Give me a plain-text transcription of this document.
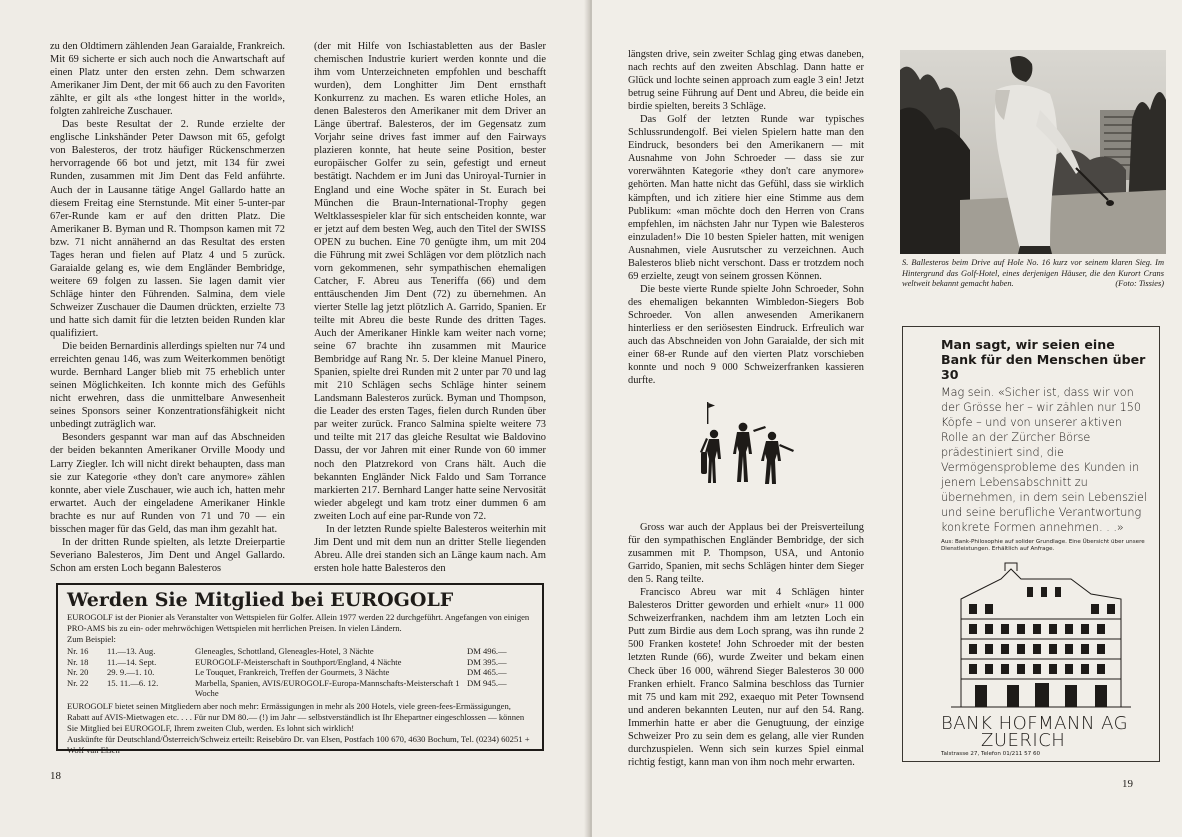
zu den Oldtimern zählenden Jean Garaialde, Frankreich. Mit 69 sicherte er sich auch noch die Anwartschaft auf einen Platz unter den ersten zehn. Dem schwarzen Amerikaner Jim Dent, der mit 66 auch zu den Favoriten zählte, er gilt als «the longest hitter in the world», folgten zahlreiche Zuschauer.

Das beste Resultat der 2. Runde erzielte der englische Linkshänder Peter Dawson mit 65, gefolgt von Balesteros, der trotz häufiger Rückenschmerzen hervorragende 66 bot und jetzt, mit 134 für zwei Runden, zusammen mit Jim Dent das Feld anführte. Auch der in Lausanne tätige Angel Gallardo hatte an diesem Freitag eine Sternstunde. Mit einer 5-unter-par 67er-Runde kam er auf den dritten Platz. Die Amerikaner B. Byman und R. Thompson kamen mit 72 bzw. 71 nicht annähernd an das Resultat des ersten Tages heran und fielen auf Platz 4 und 5 zurück. Garaialde gelang es, wie dem Engländer Bembridge, weitere 69 folgen zu lassen. Sie lagen damit vier Schläge hinter den Führenden. Salmina, dem viele Schweizer Zuschauer die Daumen drückten, erzielte 73 und hatte sich damit für die letzten beiden Runden klar qualifiziert.

Die beiden Bernardinis allerdings spielten nur 74 und erreichten genau 146, was zum Weiterkommen benötigt wurde. Bernhard Langer blieb mit 75 erheblich unter seinen Möglichkeiten. Ich konnte mich des Gefühls nicht erwehren, dass die unmittelbare Anwesenheit seines Sponsors seiner Konzentrationsfähigkeit nicht unbedingt zuträglich war.

Besonders gespannt war man auf das Abschneiden der beiden bekannten Amerikaner Orville Moody und Larry Ziegler. Ich will nicht direkt behaupten, dass man sie zur Kategorie «they don't care anymore» zählen konnte, aber viele Zuschauer, wie auch ich, hatten mehr erwartet. Auch der eingeladene Amerikaner Hinkle brachte es nur auf Runden von 71 und 70 — ein bisschen mager für das Geld, das man ihm gezahlt hat.

In der dritten Runde spielten, als letzte Dreierpartie Severiano Balesteros, Jim Dent und Angel Gallardo. Schon am ersten Loch begann Balesteros

(der mit Hilfe von Ischiastabletten aus der Basler chemischen Industrie kuriert werden konnte und die ihm vom Unterzeichneten empfohlen und beschafft wurden), dem Longhitter Jim Dent ernsthaft Konkurrenz zu machen. Es waren etliche Holes, an denen Balesteros den Amerikaner mit dem Driver an Länge übertraf. Balesteros, der im Gegensatz zum Vorjahr seine drives fast immer auf den Fairways plazieren konnte, hat heute seine Position, bester europäischer Golfer zu sein, gefestigt und erneut bestätigt. Nachdem er im Juni das Uniroyal-Turnier in England und eine Woche später in St. Eurach bei München die Braun-International-Trophy gegen Weltklassespieler klar für sich entscheiden konnte, war er jetzt auf dem besten Weg, auch den Titel der SWISS OPEN zu buchen. Eine 70 genügte ihm, um mit 204 die Führung mit zwei Schlägen vor dem plötzlich nach vorn gekommenen, sehr sympathischen ehemaligen Catcher, F. Abreu aus Teneriffa (66) und dem enttäuschenden Jim Dent (72) zu übernehmen. An vierter Stelle lag jetzt plötzlich A. Garrido, Spanien. Er teilte mit Abreu die beste Runde des dritten Tages. Auch der Amerikaner Hinkle kam weiter nach vorne; seine 67 brachte ihn zusammen mit Maurice Bembridge auf Rang Nr. 5. Der kleine Manuel Pinero, Spanien, spielte drei Runden mit 2 unter par 70 und lag mit 210 Schlägen sechs Schläge hinter seinem Landsmann Balesteros zurück. Byman und Thompson, die Leader des ersten Tages, fielen durch Runden über par weiter zurück. Franco Salmina spielte weitere 73 und teilte mit 217 das gleiche Resultat wie Baldovino Dassu, der vor Jahren mit einer Runde von 60 immer noch den Platzrekord von Crans hält. Auch die bekannten Engländer Nick Faldo und Sam Torrance markierten 217. Bernhard Langer hatte seine Nervosität wieder abgelegt und kam trotz einer dummen 6 am zweiten Loch auf eine par-Runde von 72.

In der letzten Runde spielte Balesteros weiterhin mit Jim Dent und mit dem nun an dritter Stelle liegenden Abreu. Alle drei standen sich an Länge kaum nach. Am ersten hole hatte Balesteros den

Werden Sie Mitglied bei EUROGOLF

EUROGOLF ist der Pionier als Veranstalter von Wettspielen für Golfer. Allein 1977 werden 22 durchgeführt. Angefangen von einigen PRO-AMS bis zu ein- oder mehrwöchigen Wettspielen mit herrlichen Preisen. In vielen Ländern.

Zum Beispiel:

Nr. 16	11.—13. Aug.	Gleneagles, Schottland, Gleneagles-Hotel, 3 Nächte	DM 496.—
Nr. 18	11.—14. Sept.	EUROGOLF-Meisterschaft in Southport/England, 4 Nächte	DM 395.—
Nr. 20	29. 9.—1. 10.	Le Touquet, Frankreich, Treffen der Gourmets, 3 Nächte	DM 465.—
Nr. 22	15. 11.—6. 12.	Marbella, Spanien, AVIS/EUROGOLF-Europa-Mannschafts-Meisterschaft 1 Woche	DM 945.—

EUROGOLF bietet seinen Mitgliedern aber noch mehr: Ermässigungen in mehr als 200 Hotels, viele green-fees-Ermässigungen, Rabatt auf AVIS-Mietwagen etc. . . . Für nur DM 80.— (!) im Jahr — selbstverständlich ist Ihr Ehepartner eingeschlossen — können Sie Mitglied bei EUROGOLF, Ihrem zweiten Club, werden. Es lohnt sich wirklich!

Auskünfte für Deutschland/Österreich/Schweiz erteilt: Reisebüro Dr. van Elsen, Postfach 100 670, 4630 Bochum, Tel. (0234) 60251 + Wolf van Elsen

18

längsten drive, sein zweiter Schlag ging etwas daneben, nach rechts auf den zweiten Abschlag. Dann hatte er Glück und lochte seinen approach zum eagle 3 ein! Jetzt betrug seine Führung auf Dent und Abreu, die beide ein birdie spielten, bereits 3 Schläge.

Das Golf der letzten Runde war typisches Schlussrundengolf. Bei vielen Spielern hatte man den Eindruck, besonders bei den Amerikanern — mit Ausnahme von John Schroeder — dass sie zur vorerwähnten Kategorie «they don't care anymore» gehörten. Man hatte nicht das Gefühl, dass sie wirklich kämpften, und ich zitiere hier eine Stimme aus dem Publikum: «man möchte doch den Herren von Crans empfehlen, im nächsten Jahr nur Typen wie Balesteros einzuladen!» Die 10 besten Spieler hatten, mit wenigen Ausnahmen, viele Ausrutscher zu verzeichnen. Auch Balesteros blieb nicht verschont. Dass er trotzdem noch 69 erzielte, zeugt von seinem grossen Können.

Die beste vierte Runde spielte John Schroeder, Sohn des ehemaligen bekannten Wimbledon-Siegers Bob Schroeder. Von allen anwesenden Amerikanern hinterliess er den seriösesten Eindruck. Erfreulich war auch das Abschneiden von John Garaialde, der sich mit einer 68-er Runde auf den vierten Platz vorschieben konnte und noch 9 000 Schweizerfranken kassieren durfte.

Gross war auch der Applaus bei der Preisverteilung für den sympathischen Engländer Bembridge, der sich zusammen mit P. Thompson, USA, und Antonio Garrido, Spanien, mit sechs Schlägen hinter dem Sieger den 5. Rang teilte.

Francisco Abreu war mit 4 Schlägen hinter Balesteros Dritter geworden und erhielt «nur» 11 000 Schweizerfranken, nachdem ihm am letzten Loch ein Putt zum Birdie aus dem Loch sprang, was ihn runde 2 500 Franken kostete! John Schroeder mit der besten letzten Runde (66), wurde Zweiter und bekam einen Check über 16 000, während Sieger Balesteros 30 000 Franken erhielt. Franco Salmina beschloss das Turnier mit 75 und kam mit 292, exaequo mit Peter Townsend und anderen bekannten Leuten, nur auf den 54. Rang. Immerhin hatte er aber die Genugtuung, der einzige Schweizer Pro zu sein dem es gelang, alle vier Runden durchzuspielen. Wenn sich sein kurzes Spiel einmal richtig festigt, kann man von ihm noch mehr erwarten.

S. Ballesteros beim Drive auf Hole No. 16 kurz vor seinem klaren Sieg. Im Hintergrund das Golf-Hotel, eines derjenigen Häuser, die den Kurort Crans weltweit bekannt gemacht haben.	(Foto: Tissies)

Man sagt, wir seien eine Bank für den Menschen über 30

Mag sein. «Sicher ist, dass wir von der Grösse her – wir zählen nur 150 Köpfe – und von unserer aktiven Rolle an der Zürcher Börse prädestiniert sind, die Vermögensprobleme des Kunden in jenem Lebensabschnitt zu übernehmen, in dem sein Lebensziel und seine berufliche Verantwortung konkrete Formen annehmen. . .»

Aus: Bank-Philosophie auf solider Grundlage. Eine Übersicht über unsere Dienstleistungen. Erhältlich auf Anfrage.

BANK HOFMANN AG

ZUERICH

Talstrasse 27, Telefon 01/211 57 60
19
